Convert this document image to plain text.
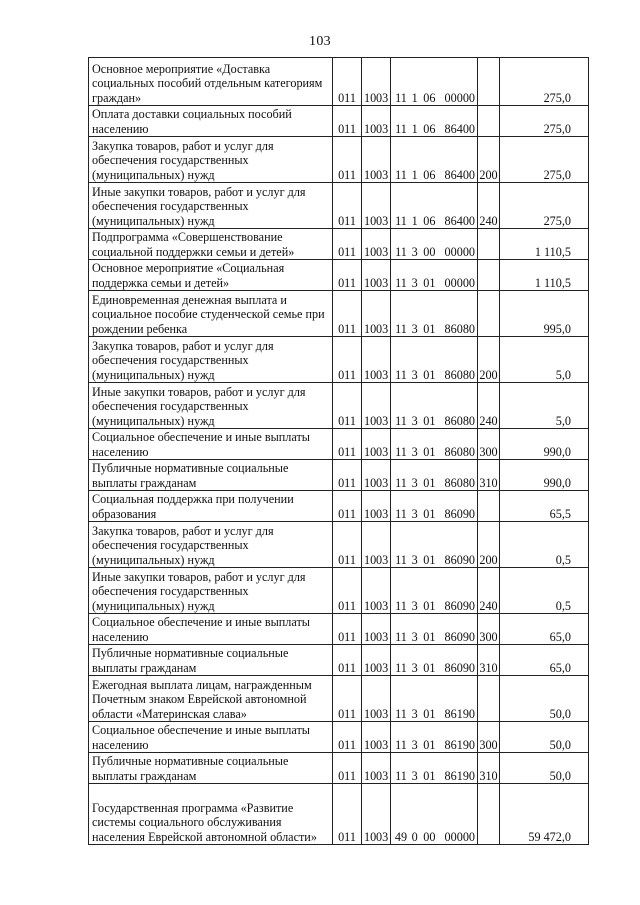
103
Основное мероприятие «Доставка социальных пособий отдельным категориям граждан»	011	10 03	11 1 06 00000		275,0
Оплата доставки социальных пособий населению	011	10 03	11 1 06 86400		275,0
Закупка товаров, работ и услуг для обеспечения государственных (муниципальных) нужд	011	10 03	11 1 06 86400	200	275,0
Иные закупки товаров, работ и услуг для обеспечения государственных (муниципальных) нужд	011	10 03	11 1 06 86400	240	275,0
Подпрограмма «Совершенствование социальной поддержки семьи и детей»	011	10 03	11 3 00 00000		1 110,5
Основное мероприятие «Социальная поддержка семьи и детей»	011	10 03	11 3 01 00000		1 110,5
Единовременная денежная выплата и социальное пособие студенческой семье при рождении ребенка	011	10 03	11 3 01 86080		995,0
Закупка товаров, работ и услуг для обеспечения государственных (муниципальных) нужд	011	10 03	11 3 01 86080	200	5,0
Иные закупки товаров, работ и услуг для обеспечения государственных (муниципальных) нужд	011	10 03	11 3 01 86080	240	5,0
Социальное обеспечение и иные выплаты населению	011	10 03	11 3 01 86080	300	990,0
Публичные нормативные социальные выплаты гражданам	011	10 03	11 3 01 86080	310	990,0
Социальная поддержка при получении образования	011	10 03	11 3 01 86090		65,5
Закупка товаров, работ и услуг для обеспечения государственных (муниципальных) нужд	011	10 03	11 3 01 86090	200	0,5
Иные закупки товаров, работ и услуг для обеспечения государственных (муниципальных) нужд	011	10 03	11 3 01 86090	240	0,5
Социальное обеспечение и иные выплаты населению	011	10 03	11 3 01 86090	300	65,0
Публичные нормативные социальные выплаты гражданам	011	10 03	11 3 01 86090	310	65,0
Ежегодная выплата лицам, награжденным Почетным знаком Еврейской автономной области «Материнская слава»	011	10 03	11 3 01 86190		50,0
Социальное обеспечение и иные выплаты населению	011	10 03	11 3 01 86190	300	50,0
Публичные нормативные социальные выплаты гражданам	011	10 03	11 3 01 86190	310	50,0
Государственная программа «Развитие системы социального обслуживания населения Еврейской автономной области»	011	10 03	49 0 00 00000		59 472,0
